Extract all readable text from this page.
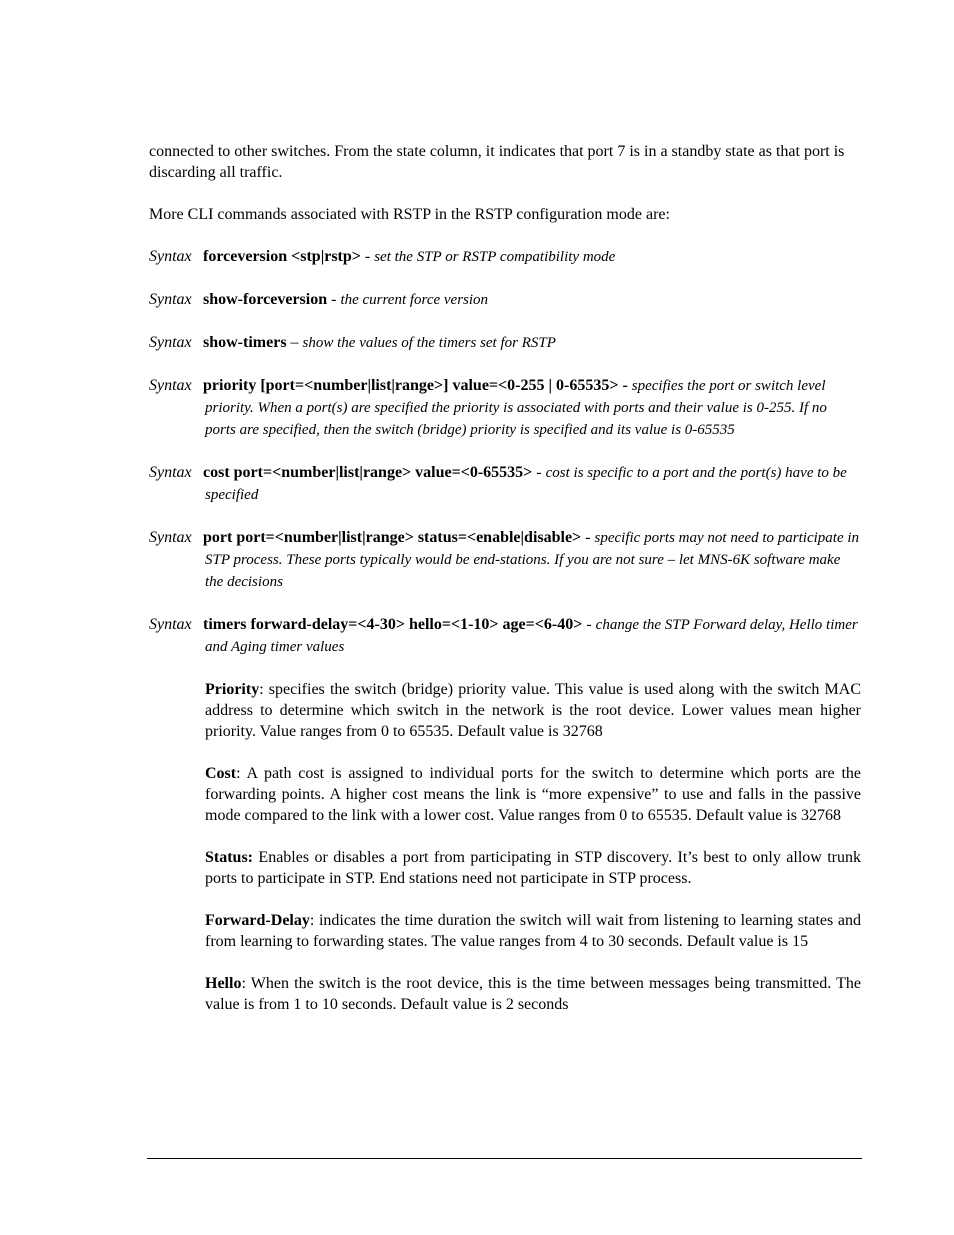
connected to other switches. From the state column, it indicates that port 7 is in a standby state as that port is discarding all traffic.

More CLI commands associated with RSTP in the RSTP configuration mode are:

Syntax forceversion <stp|rstp> - set the STP or RSTP compatibility mode

Syntax show-forceversion - the current force version

Syntax show-timers – show the values of the timers set for RSTP

Syntax priority [port=<number|list|range>] value=<0-255 | 0-65535> - specifies the port or switch level priority. When a port(s) are specified the priority is associated with ports and their value is 0-255. If no ports are specified, then the switch (bridge) priority is specified and its value is 0-65535

Syntax cost port=<number|list|range> value=<0-65535> - cost is specific to a port and the port(s) have to be specified

Syntax port port=<number|list|range> status=<enable|disable> - specific ports may not need to participate in STP process. These ports typically would be end-stations. If you are not sure – let MNS-6K software make the decisions

Syntax timers forward-delay=<4-30> hello=<1-10> age=<6-40> - change the STP Forward delay, Hello timer and Aging timer values

Priority: specifies the switch (bridge) priority value. This value is used along with the switch MAC address to determine which switch in the network is the root device. Lower values mean higher priority. Value ranges from 0 to 65535. Default value is 32768

Cost: A path cost is assigned to individual ports for the switch to determine which ports are the forwarding points. A higher cost means the link is “more expensive” to use and falls in the passive mode compared to the link with a lower cost. Value ranges from 0 to 65535. Default value is 32768

Status: Enables or disables a port from participating in STP discovery. It’s best to only allow trunk ports to participate in STP. End stations need not participate in STP process.

Forward-Delay: indicates the time duration the switch will wait from listening to learning states and from learning to forwarding states. The value ranges from 4 to 30 seconds. Default value is 15

Hello: When the switch is the root device, this is the time between messages being transmitted. The value is from 1 to 10 seconds. Default value is 2 seconds
